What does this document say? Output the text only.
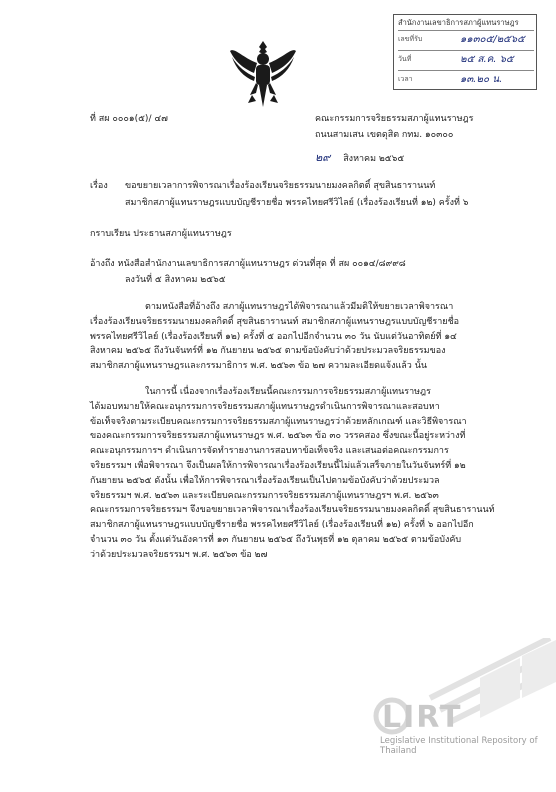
สำนักงานเลขาธิการสภาผู้แทนราษฎร
เลขที่รับ	๑๑๓๐๕/๒๕๖๕
วันที่	๒๕ ส.ค. ๖๕
เวลา	๑๓.๒๐ น.
ที่ สผ ๐๐๐๑(๕)/ ๔๗	คณะกรรมการจริยธรรมสภาผู้แทนราษฎร
ถนนสามเสน เขตดุสิต กทม. ๑๐๓๐๐
๒๙ สิงหาคม ๒๕๖๕
เรื่อง ขอขยายเวลาการพิจารณาเรื่องร้องเรียนจริยธรรมนายมงคลกิตติ์ สุขสินธารานนท์
สมาชิกสภาผู้แทนราษฎรแบบบัญชีรายชื่อ พรรคไทยศรีวิไลย์ (เรื่องร้องเรียนที่ ๑๒) ครั้งที่ ๖
กราบเรียน ประธานสภาผู้แทนราษฎร
อ้างถึง หนังสือสำนักงานเลขาธิการสภาผู้แทนราษฎร ด่วนที่สุด ที่ สผ ๐๐๑๔/๘๙๙๘
ลงวันที่ ๕ สิงหาคม ๒๕๖๕
ตามหนังสือที่อ้างถึง สภาผู้แทนราษฎรได้พิจารณาแล้วมีมติให้ขยายเวลาพิจารณา
เรื่องร้องเรียนจริยธรรมนายมงคลกิตติ์ สุขสินธารานนท์ สมาชิกสภาผู้แทนราษฎรแบบบัญชีรายชื่อ
พรรคไทยศรีวิไลย์ (เรื่องร้องเรียนที่ ๑๒) ครั้งที่ ๕ ออกไปอีกจำนวน ๓๐ วัน นับแต่วันอาทิตย์ที่ ๑๔
สิงหาคม ๒๕๖๕ ถึงวันจันทร์ที่ ๑๒ กันยายน ๒๕๖๕ ตามข้อบังคับว่าด้วยประมวลจริยธรรมของ
สมาชิกสภาผู้แทนราษฎรและกรรมาธิการ พ.ศ. ๒๕๖๓ ข้อ ๒๗ ความละเอียดแจ้งแล้ว นั้น
ในการนี้ เนื่องจากเรื่องร้องเรียนนี้คณะกรรมการจริยธรรมสภาผู้แทนราษฎร
ได้มอบหมายให้คณะอนุกรรมการจริยธรรมสภาผู้แทนราษฎรดำเนินการพิจารณาและสอบหา
ข้อเท็จจริงตามระเบียบคณะกรรมการจริยธรรมสภาผู้แทนราษฎรว่าด้วยหลักเกณฑ์ และวิธีพิจารณา
ของคณะกรรมการจริยธรรมสภาผู้แทนราษฎร พ.ศ. ๒๕๖๓ ข้อ ๓๐ วรรคสอง ซึ่งขณะนี้อยู่ระหว่างที่
คณะอนุกรรมการฯ ดำเนินการจัดทำรายงานการสอบหาข้อเท็จจริง และเสนอต่อคณะกรรมการ
จริยธรรมฯ เพื่อพิจารณา จึงเป็นผลให้การพิจารณาเรื่องร้องเรียนนี้ไม่แล้วเสร็จภายในวันจันทร์ที่ ๑๒
กันยายน ๒๕๖๕ ดังนั้น เพื่อให้การพิจารณาเรื่องร้องเรียนเป็นไปตามข้อบังคับว่าด้วยประมวล
จริยธรรมฯ พ.ศ. ๒๕๖๓ และระเบียบคณะกรรมการจริยธรรมสภาผู้แทนราษฎรฯ พ.ศ. ๒๕๖๓
คณะกรรมการจริยธรรมฯ จึงขอขยายเวลาพิจารณาเรื่องร้องเรียนจริยธรรมนายมงคลกิตติ์ สุขสินธารานนท์
สมาชิกสภาผู้แทนราษฎรแบบบัญชีรายชื่อ พรรคไทยศรีวิไลย์ (เรื่องร้องเรียนที่ ๑๒) ครั้งที่ ๖ ออกไปอีก
จำนวน ๓๐ วัน ตั้งแต่วันอังคารที่ ๑๓ กันยายน ๒๕๖๕ ถึงวันพุธที่ ๑๒ ตุลาคม ๒๕๖๕ ตามข้อบังคับ
ว่าด้วยประมวลจริยธรรมฯ พ.ศ. ๒๕๖๓ ข้อ ๒๗
LIRT
Legislative Institutional Repository of Thailand
